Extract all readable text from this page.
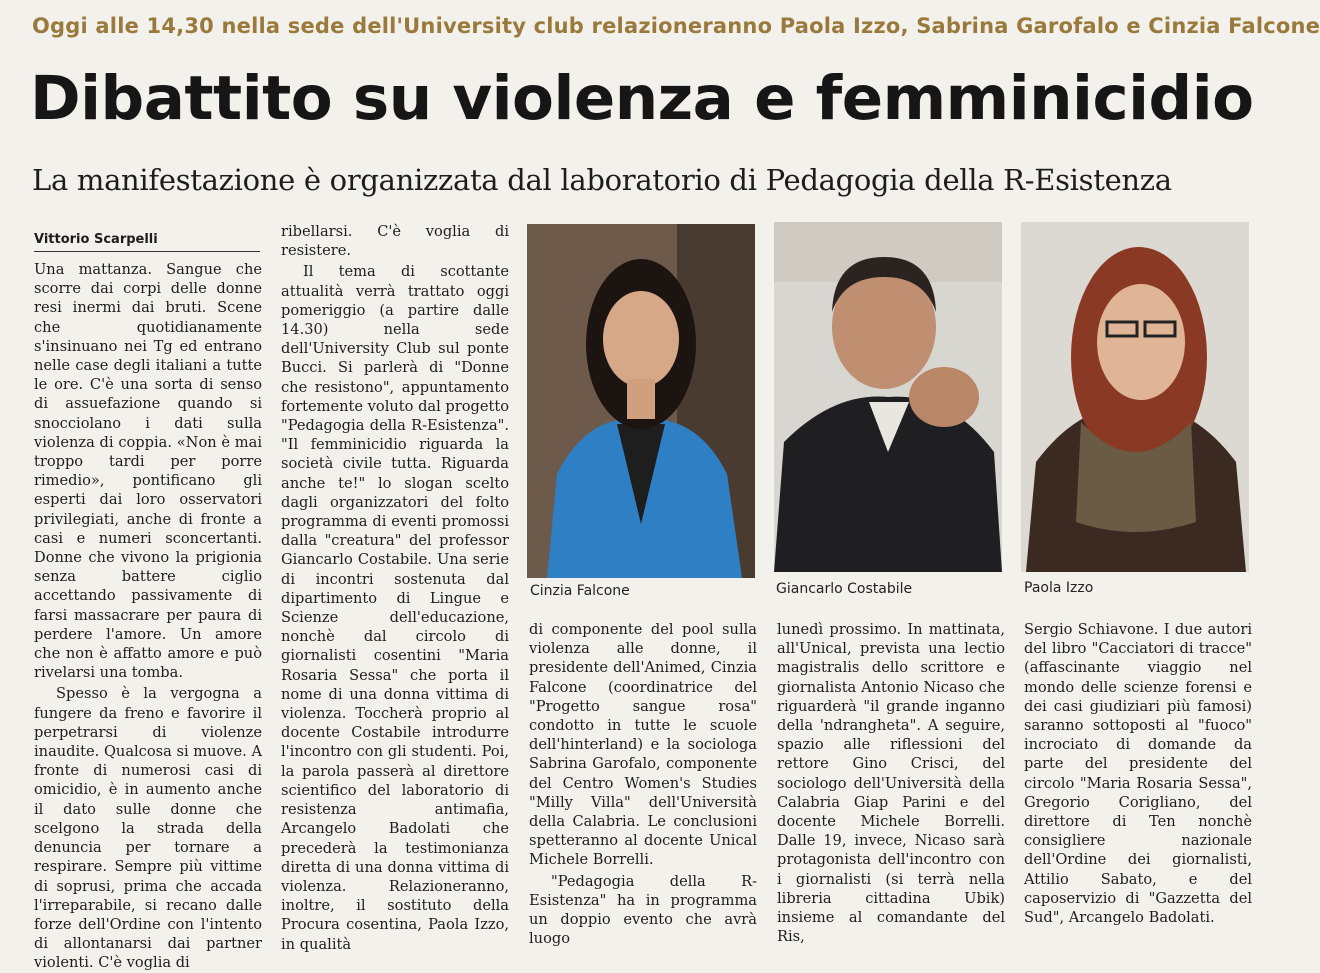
Oggi alle 14,30 nella sede dell'University club relazioneranno Paola Izzo, Sabrina Garofalo e Cinzia Falcone
Dibattito su violenza e femminicidio
La manifestazione è organizzata dal laboratorio di Pedagogia della R-Esistenza
Vittorio Scarpelli

Una mattanza. Sangue che scorre dai corpi delle donne resi inermi dai bruti. Scene che quotidianamente s'insinuano nei Tg ed entrano nelle case degli italiani a tutte le ore. C'è una sorta di senso di assuefazione quando si snocciolano i dati sulla violenza di coppia. «Non è mai troppo tardi per porre rimedio», pontificano gli esperti dai loro osservatori privilegiati, anche di fronte a casi e numeri sconcertanti. Donne che vivono la prigionia senza battere ciglio accettando passivamente di farsi massacrare per paura di perdere l'amore. Un amore che non è affatto amore e può rivelarsi una tomba.

Spesso è la vergogna a fungere da freno e favorire il perpetrarsi di violenze inaudite. Qualcosa si muove. A fronte di numerosi casi di omicidio, è in aumento anche il dato sulle donne che scelgono la strada della denuncia per tornare a respirare. Sempre più vittime di soprusi, prima che accada l'irreparabile, si recano dalle forze dell'Ordine con l'intento di allontanarsi dai partner violenti. C'è voglia di

ribellarsi. C'è voglia di resistere.

Il tema di scottante attualità verrà trattato oggi pomeriggio (a partire dalle 14.30) nella sede dell'University Club sul ponte Bucci. Si parlerà di "Donne che resistono", appuntamento fortemente voluto dal progetto "Pedagogia della R-Esistenza". "Il femminicidio riguarda la società civile tutta. Riguarda anche te!" lo slogan scelto dagli organizzatori del folto programma di eventi promossi dalla "creatura" del professor Giancarlo Costabile. Una serie di incontri sostenuta dal dipartimento di Lingue e Scienze dell'educazione, nonchè dal circolo di giornalisti cosentini "Maria Rosaria Sessa" che porta il nome di una donna vittima di violenza. Toccherà proprio al docente Costabile introdurre l'incontro con gli studenti. Poi, la parola passerà al direttore scientifico del laboratorio di resistenza antimafia, Arcangelo Badolati che precederà la testimonianza diretta di una donna vittima di violenza. Relazioneranno, inoltre, il sostituto della Procura cosentina, Paola Izzo, in qualità

Cinzia Falcone	Giancarlo Costabile	Paola Izzo

di componente del pool sulla violenza alle donne, il presidente dell'Animed, Cinzia Falcone (coordinatrice del "Progetto sangue rosa" condotto in tutte le scuole dell'hinterland) e la sociologa Sabrina Garofalo, componente del Centro Women's Studies "Milly Villa" dell'Università della Calabria. Le conclusioni spetteranno al docente Unical Michele Borrelli.

"Pedagogia della R-Esistenza" ha in programma un doppio evento che avrà luogo

lunedì prossimo. In mattinata, all'Unical, prevista una lectio magistralis dello scrittore e giornalista Antonio Nicaso che riguarderà "il grande inganno della 'ndrangheta". A seguire, spazio alle riflessioni del rettore Gino Crisci, del sociologo dell'Università della Calabria Giap Parini e del docente Michele Borrelli. Dalle 19, invece, Nicaso sarà protagonista dell'incontro con i giornalisti (si terrà nella libreria cittadina Ubik) insieme al comandante del Ris,

Sergio Schiavone. I due autori del libro "Cacciatori di tracce" (affascinante viaggio nel mondo delle scienze forensi e dei casi giudiziari più famosi) saranno sottoposti al "fuoco" incrociato di domande da parte del presidente del circolo "Maria Rosaria Sessa", Gregorio Corigliano, del direttore di Ten nonchè consigliere nazionale dell'Ordine dei giornalisti, Attilio Sabato, e del caposervizio di "Gazzetta del Sud", Arcangelo Badolati.
